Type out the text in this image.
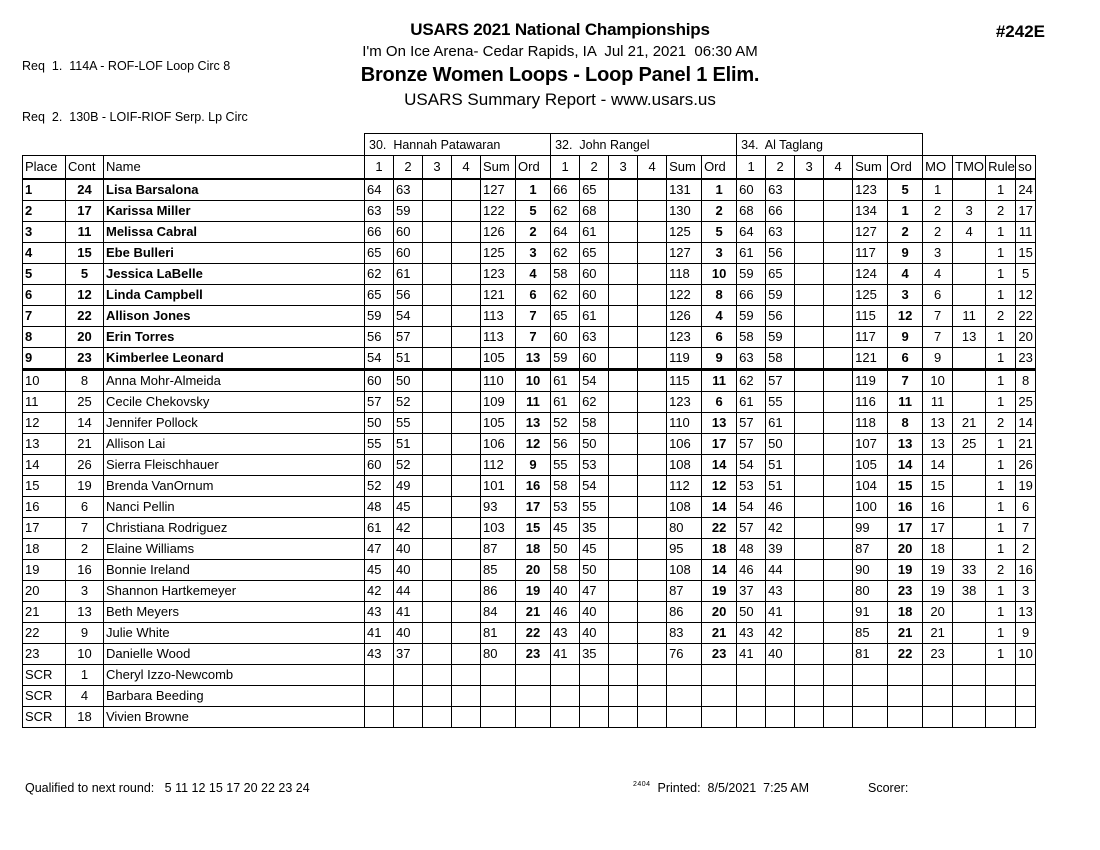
Req  1.  114A - ROF-LOF Loop Circ 8

Req  2.  130B - LOIF-RIOF Serp. Lp Circ

#242E
USARS 2021 National Championships
I'm On Ice Arena- Cedar Rapids, IA  Jul 21, 2021  06:30 AM
Bronze Women Loops - Loop Panel 1 Elim.
USARS Summary Report - www.usars.us
			30.  Hannah Patawaran						32.  John Rangel						34.  Al Taglang									
Place	Cont	Name	1	2	3	4	Sum	Ord	1	2	3	4	Sum	Ord	1	2	3	4	Sum	Ord	MO	TMO	Rule	so
1	24	Lisa Barsalona	64	63			127	1	66	65			131	1	60	63			123	5	1		1	24
2	17	Karissa Miller	63	59			122	5	62	68			130	2	68	66			134	1	2	3	2	17
3	11	Melissa Cabral	66	60			126	2	64	61			125	5	64	63			127	2	2	4	1	11
4	15	Ebe Bulleri	65	60			125	3	62	65			127	3	61	56			117	9	3		1	15
5	5	Jessica LaBelle	62	61			123	4	58	60			118	10	59	65			124	4	4		1	5
6	12	Linda Campbell	65	56			121	6	62	60			122	8	66	59			125	3	6		1	12
7	22	Allison Jones	59	54			113	7	65	61			126	4	59	56			115	12	7	11	2	22
8	20	Erin Torres	56	57			113	7	60	63			123	6	58	59			117	9	7	13	1	20
9	23	Kimberlee Leonard	54	51			105	13	59	60			119	9	63	58			121	6	9		1	23
10	8	Anna Mohr-Almeida	60	50			110	10	61	54			115	11	62	57			119	7	10		1	8
11	25	Cecile Chekovsky	57	52			109	11	61	62			123	6	61	55			116	11	11		1	25
12	14	Jennifer Pollock	50	55			105	13	52	58			110	13	57	61			118	8	13	21	2	14
13	21	Allison Lai	55	51			106	12	56	50			106	17	57	50			107	13	13	25	1	21
14	26	Sierra Fleischhauer	60	52			112	9	55	53			108	14	54	51			105	14	14		1	26
15	19	Brenda VanOrnum	52	49			101	16	58	54			112	12	53	51			104	15	15		1	19
16	6	Nanci Pellin	48	45			93	17	53	55			108	14	54	46			100	16	16		1	6
17	7	Christiana Rodriguez	61	42			103	15	45	35			80	22	57	42			99	17	17		1	7
18	2	Elaine Williams	47	40			87	18	50	45			95	18	48	39			87	20	18		1	2
19	16	Bonnie Ireland	45	40			85	20	58	50			108	14	46	44			90	19	19	33	2	16
20	3	Shannon Hartkemeyer	42	44			86	19	40	47			87	19	37	43			80	23	19	38	1	3
21	13	Beth Meyers	43	41			84	21	46	40			86	20	50	41			91	18	20		1	13
22	9	Julie White	41	40			81	22	43	40			83	21	43	42			85	21	21		1	9
23	10	Danielle Wood	43	37			80	23	41	35			76	23	41	40			81	22	23		1	10
SCR	1	Cheryl Izzo-Newcomb																						
SCR	4	Barbara Beeding																						
SCR	18	Vivien Browne																						
Qualified to next round: 5 11 12 15 17 20 22 23 24	$^{2404}$ Printed:  8/5/2021  7:25 AM	Scorer:
